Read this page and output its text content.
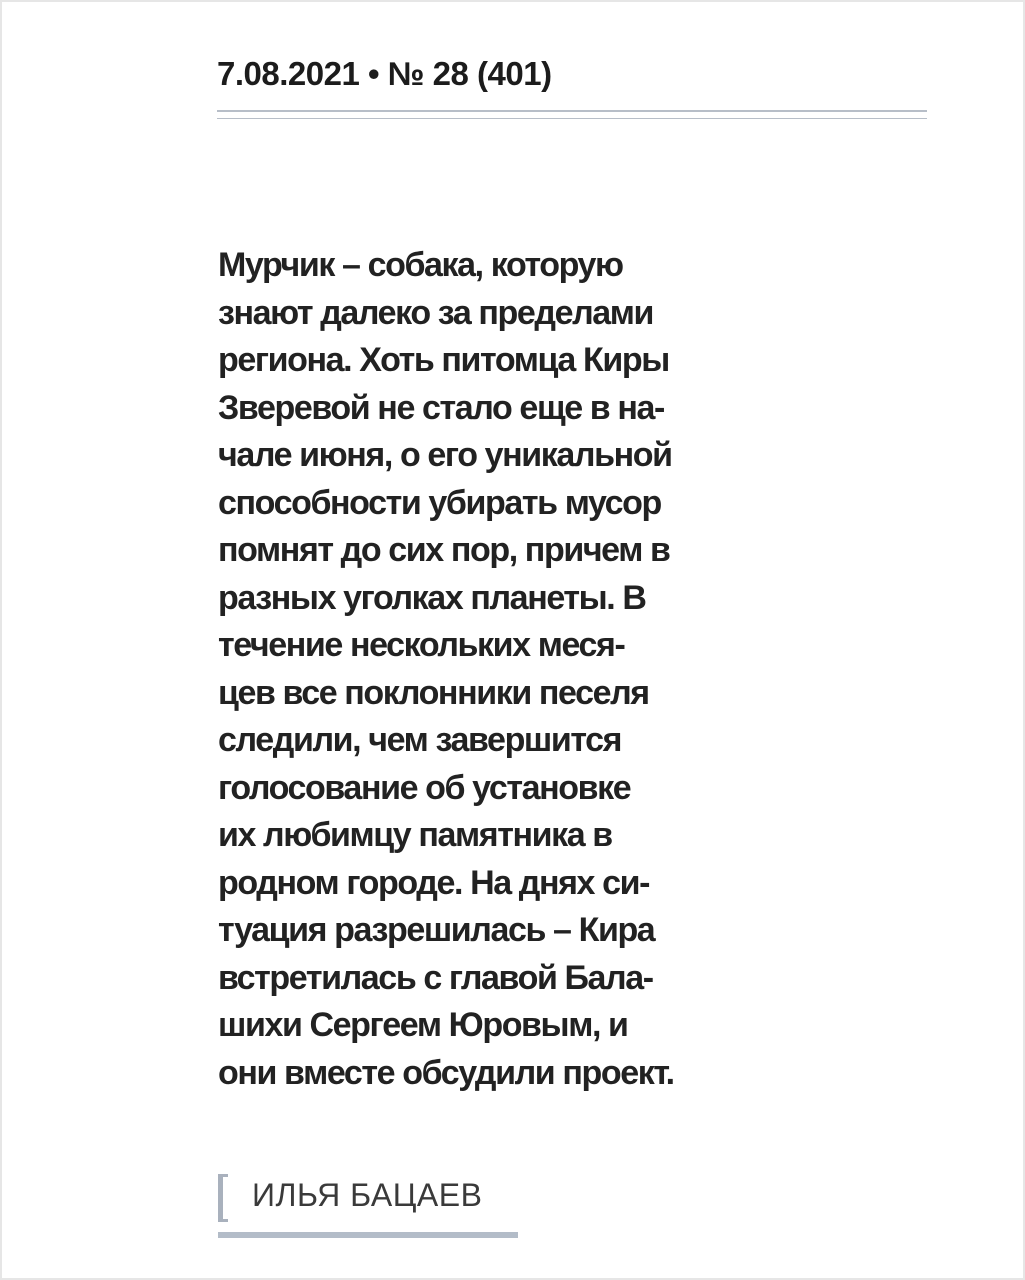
7.08.2021 • № 28 (401)
Мурчик – собака, которую
знают далеко за пределами
региона. Хоть питомца Киры
Зверевой не стало еще в на-
чале июня, о его уникальной
способности убирать мусор
помнят до сих пор, причем в
разных уголках планеты. В
течение нескольких меся-
цев все поклонники песеля
следили, чем завершится
голосование об установке
их любимцу памятника в
родном городе. На днях си-
туация разрешилась – Кира
встретилась с главой Бала-
шихи Сергеем Юровым, и
они вместе обсудили проект.
ИЛЬЯ БАЦАЕВ
